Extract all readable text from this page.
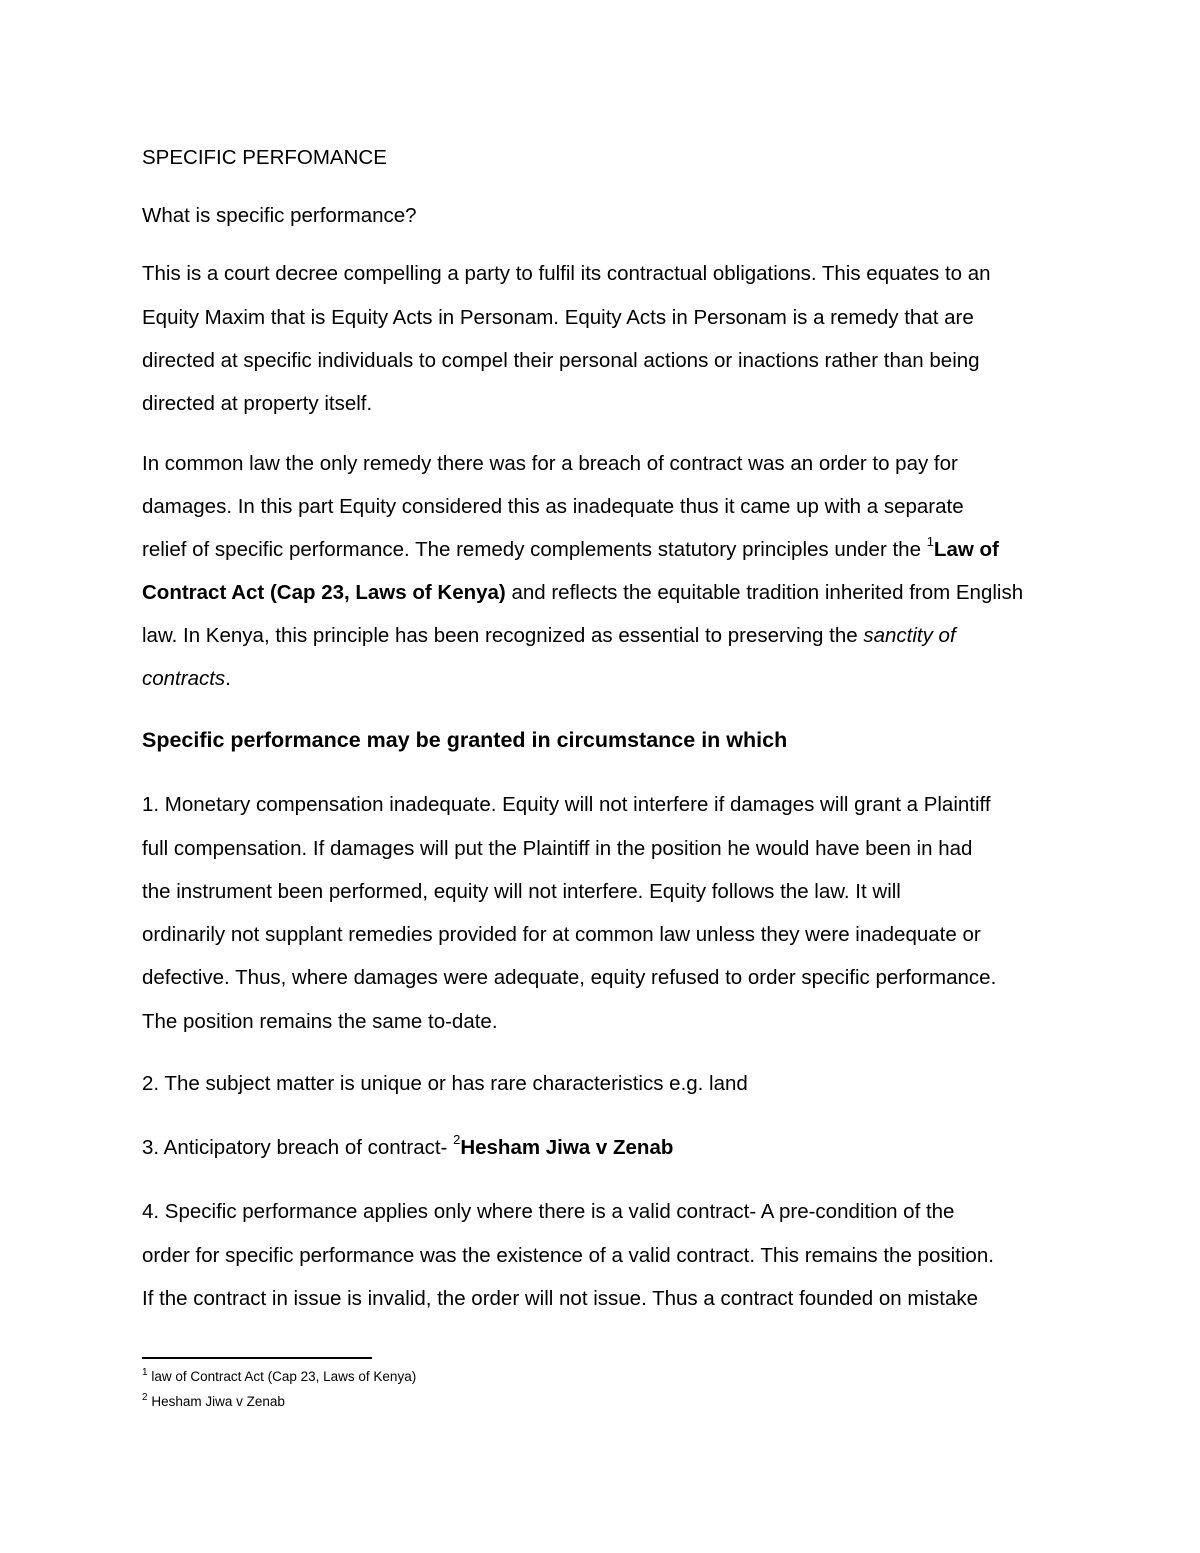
SPECIFIC PERFOMANCE
What is specific performance?
This is a court decree compelling a party to fulfil its contractual obligations. This equates to an
Equity Maxim that is Equity Acts in Personam. Equity Acts in Personam is a remedy that are
directed at specific individuals to compel their personal actions or inactions rather than being
directed at property itself.
In common law the only remedy there was for a breach of contract was an order to pay for
damages. In this part Equity considered this as inadequate thus it came up with a separate
relief of specific performance. The remedy complements statutory principles under the $^1$Law of
Contract Act (Cap 23, Laws of Kenya) and reflects the equitable tradition inherited from English
law. In Kenya, this principle has been recognized as essential to preserving the sanctity of
contracts.
Specific performance may be granted in circumstance in which
1. Monetary compensation inadequate. Equity will not interfere if damages will grant a Plaintiff
full compensation. If damages will put the Plaintiff in the position he would have been in had
the instrument been performed, equity will not interfere. Equity follows the law. It will
ordinarily not supplant remedies provided for at common law unless they were inadequate or
defective. Thus, where damages were adequate, equity refused to order specific performance.
The position remains the same to-date.
2. The subject matter is unique or has rare characteristics e.g. land
3. Anticipatory breach of contract- $^2$Hesham Jiwa v Zenab
4. Specific performance applies only where there is a valid contract- A pre-condition of the
order for specific performance was the existence of a valid contract. This remains the position.
If the contract in issue is invalid, the order will not issue. Thus a contract founded on mistake
$^1$ law of Contract Act (Cap 23, Laws of Kenya)
$^2$ Hesham Jiwa v Zenab
